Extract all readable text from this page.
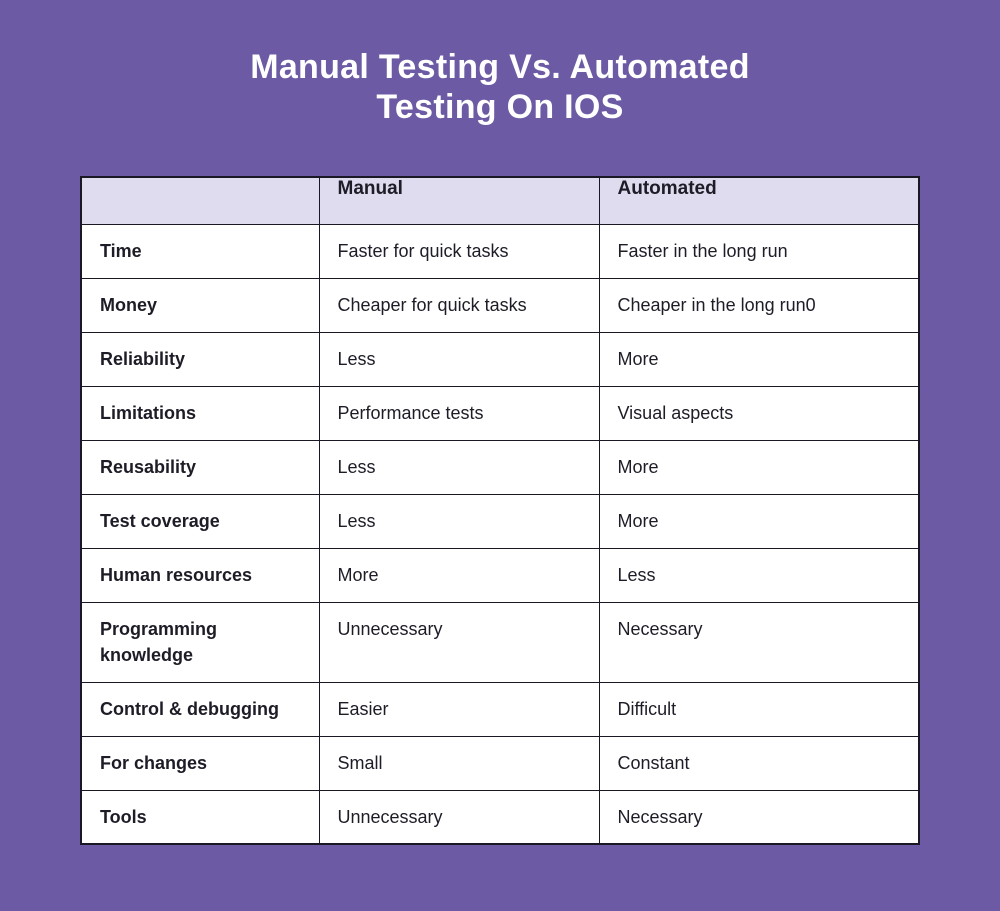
Manual Testing Vs. Automated
Testing On IOS
	Manual	Automated
Time	Faster for quick tasks	Faster in the long run
Money	Cheaper for quick tasks	Cheaper in the long run0
Reliability	Less	More
Limitations	Performance tests	Visual aspects
Reusability	Less	More
Test coverage	Less	More
Human resources	More	Less
Programming knowledge	Unnecessary	Necessary
Control & debugging	Easier	Difficult
For changes	Small	Constant
Tools	Unnecessary	Necessary
